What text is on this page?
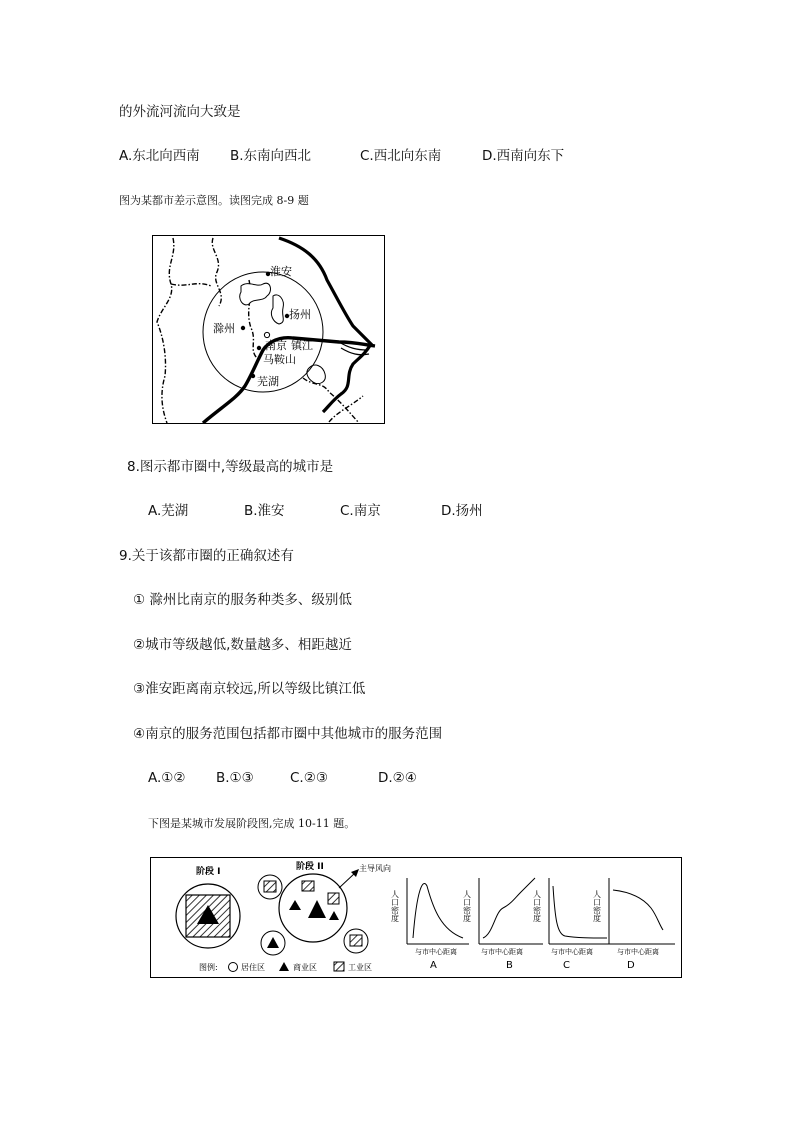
的外流河流向大致是
A.东北向西南 B.东南向西北	C.西北向东南	D.西南向东下
图为某都市差示意图。读图完成 8-9 题
淮安
扬州
滁州
南京 镇江
马鞍山
芜湖
8.图示都市圈中,等级最高的城市是
A.芜湖	B.淮安	C.南京	D.扬州
9.关于该都市圈的正确叙述有
① 滁州比南京的服务种类多、级别低
②城市等级越低,数量越多、相距越近
③淮安距离南京较远,所以等级比镇江低
④南京的服务范围包括都市圈中其他城市的服务范围
A.①② B.①③	C.②③	D.②④
下图是某城市发展阶段图,完成 10-11 题。
阶段 I	阶段 II	主导风向
图例:	居住区	商业区	工业区
人口密度
与市中心距离
A
人口密度
与市中心距离
B
人口密度
与市中心距离
C
人口密度
与市中心距离
D
